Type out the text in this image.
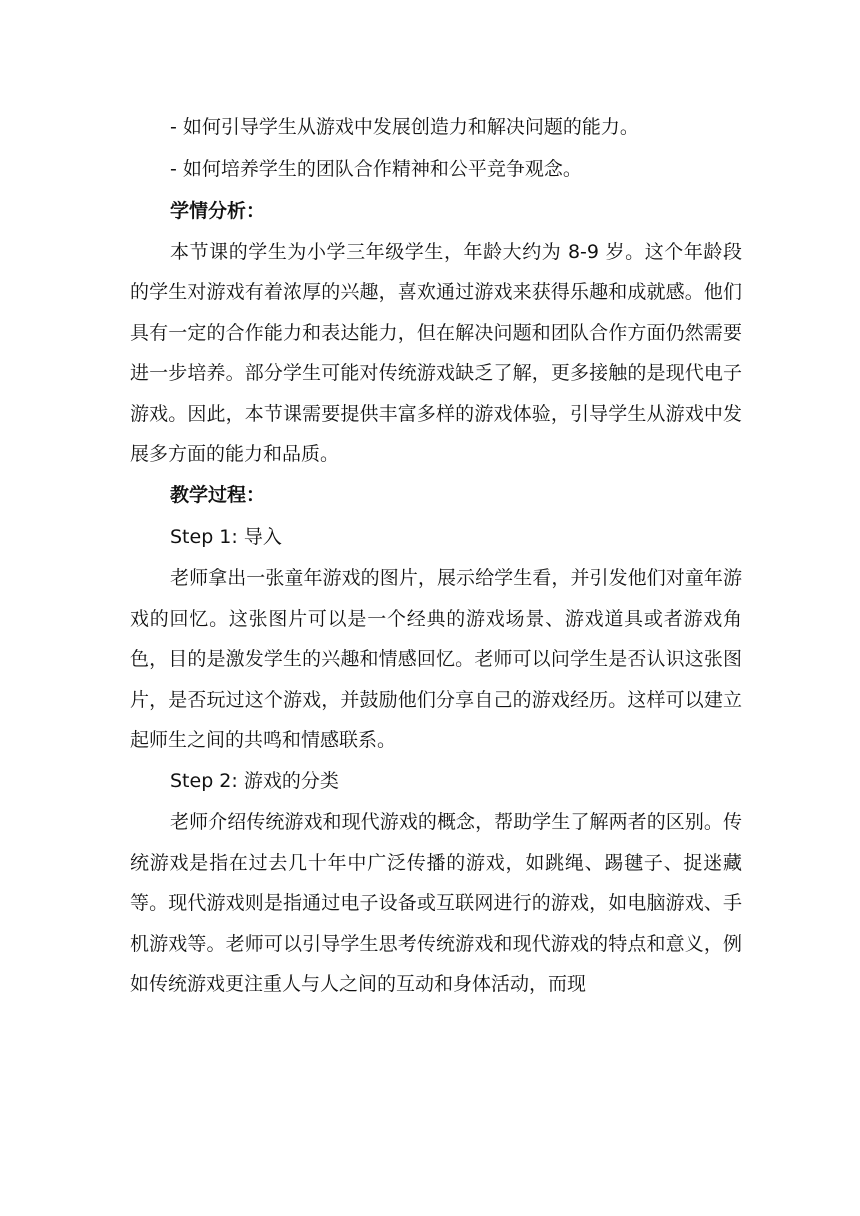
- 如何引导学生从游戏中发展创造力和解决问题的能力。
- 如何培养学生的团队合作精神和公平竞争观念。
学情分析：

本节课的学生为小学三年级学生，年龄大约为 8-9 岁。这个年龄段的学生对游戏有着浓厚的兴趣，喜欢通过游戏来获得乐趣和成就感。他们具有一定的合作能力和表达能力，但在解决问题和团队合作方面仍然需要进一步培养。部分学生可能对传统游戏缺乏了解，更多接触的是现代电子游戏。因此，本节课需要提供丰富多样的游戏体验，引导学生从游戏中发展多方面的能力和品质。

教学过程：
Step 1: 导入

老师拿出一张童年游戏的图片，展示给学生看，并引发他们对童年游戏的回忆。这张图片可以是一个经典的游戏场景、游戏道具或者游戏角色，目的是激发学生的兴趣和情感回忆。老师可以问学生是否认识这张图片，是否玩过这个游戏，并鼓励他们分享自己的游戏经历。这样可以建立起师生之间的共鸣和情感联系。

Step 2: 游戏的分类

老师介绍传统游戏和现代游戏的概念，帮助学生了解两者的区别。传统游戏是指在过去几十年中广泛传播的游戏，如跳绳、踢毽子、捉迷藏等。现代游戏则是指通过电子设备或互联网进行的游戏，如电脑游戏、手机游戏等。老师可以引导学生思考传统游戏和现代游戏的特点和意义，例如传统游戏更注重人与人之间的互动和身体活动，而现
